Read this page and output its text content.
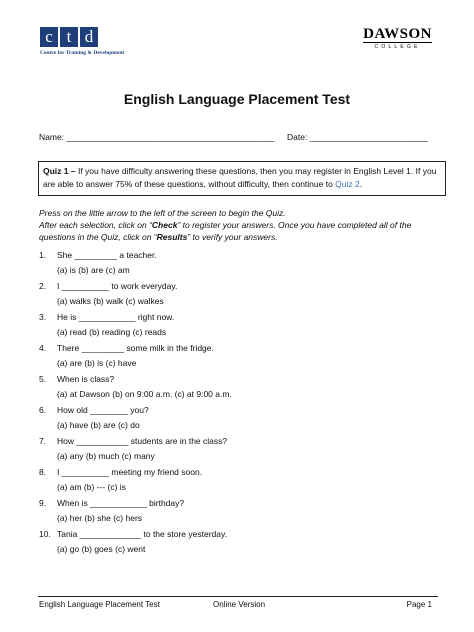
c t d
Centre for Training & Development
DAWSON
COLLEGE
English Language Placement Test
Name: ____________________________________________ Date: _________________________
Quiz 1 – If you have difficulty answering these questions, then you may register in English Level 1. If you are able to answer 75% of these questions, without difficulty, then continue to Quiz 2.
Press on the little arrow to the left of the screen to begin the Quiz.
After each selection, click on “Check” to register your answers. Once you have completed all of the questions in the Quiz, click on “Results” to verify your answers.
1. She _________ a teacher.
(a) is (b) are (c) am
2. I __________ to work everyday.
(a) walks (b) walk (c) walkes
3. He is ____________ right now.
(a) read (b) reading (c) reads
4. There _________ some milk in the fridge.
(a) are (b) is (c) have
5. When is class?
(a) at Dawson (b) on 9:00 a.m. (c) at 9:00 a.m.
6. How old ________ you?
(a) have (b) are (c) do
7. How ___________ students are in the class?
(a) any (b) much (c) many
8. I __________ meeting my friend soon.
(a) am (b) --- (c) is
9. When is ____________ birthday?
(a) her (b) she (c) hers
10. Tania _____________ to the store yesterday.
(a) go (b) goes (c) went
English Language Placement Test	Online Version	Page 1
